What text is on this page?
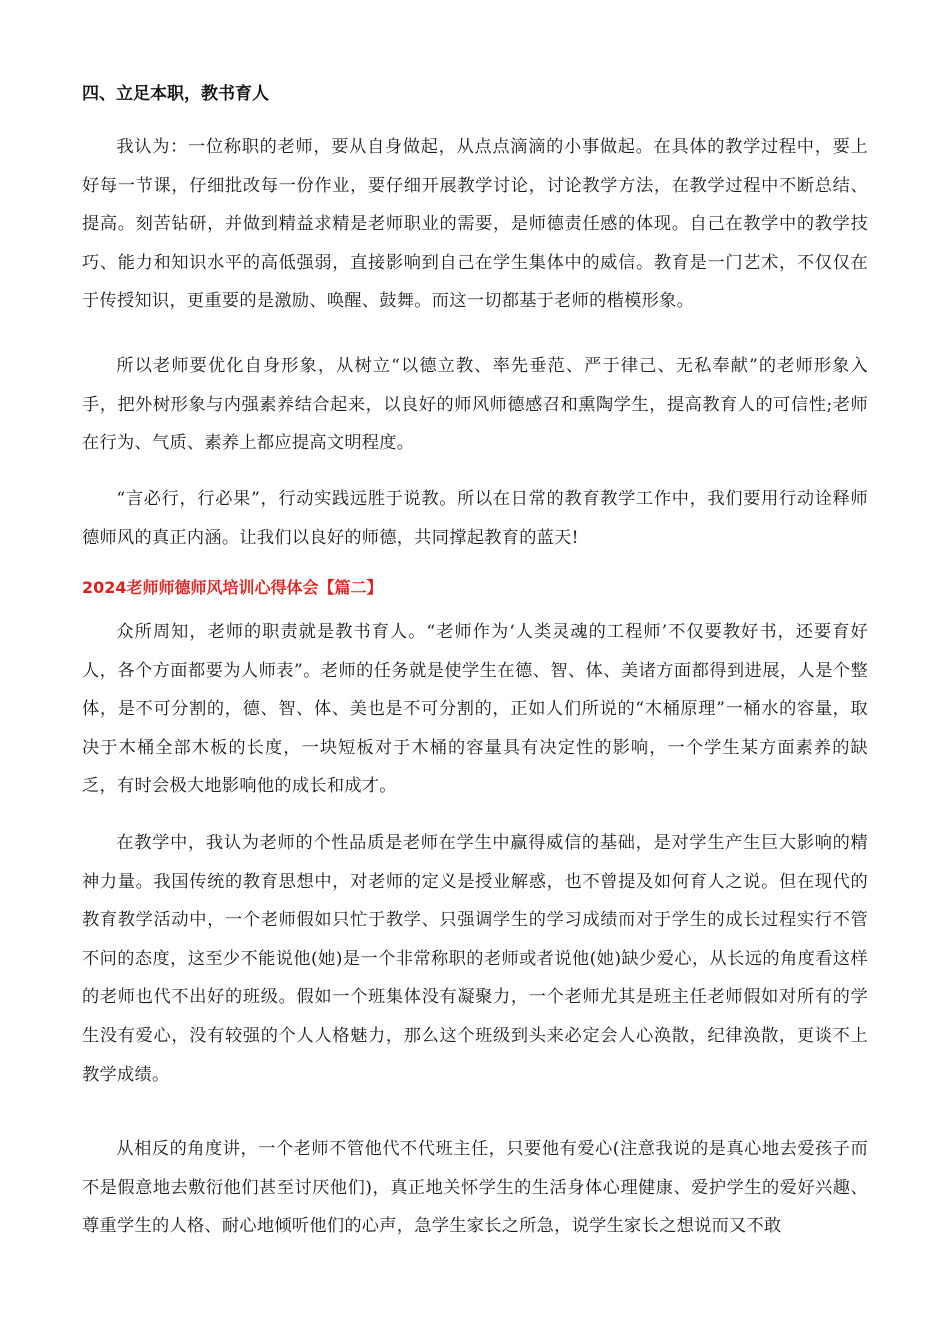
四、立足本职，教书育人

我认为：一位称职的老师，要从自身做起，从点点滴滴的小事做起。在具体的教学过程中，要上好每一节课，仔细批改每一份作业，要仔细开展教学讨论，讨论教学方法，在教学过程中不断总结、提高。刻苦钻研，并做到精益求精是老师职业的需要，是师德责任感的体现。自己在教学中的教学技巧、能力和知识水平的高低强弱，直接影响到自己在学生集体中的威信。教育是一门艺术，不仅仅在于传授知识，更重要的是激励、唤醒、鼓舞。而这一切都基于老师的楷模形象。

所以老师要优化自身形象，从树立“以德立教、率先垂范、严于律己、无私奉献”的老师形象入手，把外树形象与内强素养结合起来，以良好的师风师德感召和熏陶学生，提高教育人的可信性;老师在行为、气质、素养上都应提高文明程度。

“言必行，行必果”，行动实践远胜于说教。所以在日常的教育教学工作中，我们要用行动诠释师德师风的真正内涵。让我们以良好的师德，共同撑起教育的蓝天!

2024老师师德师风培训心得体会【篇二】

众所周知，老师的职责就是教书育人。“老师作为‘人类灵魂的工程师’不仅要教好书，还要育好人，各个方面都要为人师表”。老师的任务就是使学生在德、智、体、美诸方面都得到进展，人是个整体，是不可分割的，德、智、体、美也是不可分割的，正如人们所说的“木桶原理”一桶水的容量，取决于木桶全部木板的长度，一块短板对于木桶的容量具有决定性的影响，一个学生某方面素养的缺乏，有时会极大地影响他的成长和成才。

在教学中，我认为老师的个性品质是老师在学生中赢得威信的基础，是对学生产生巨大影响的精神力量。我国传统的教育思想中，对老师的定义是授业解惑，也不曾提及如何育人之说。但在现代的教育教学活动中，一个老师假如只忙于教学、只强调学生的学习成绩而对于学生的成长过程实行不管不问的态度，这至少不能说他(她)是一个非常称职的老师或者说他(她)缺少爱心，从长远的角度看这样的老师也代不出好的班级。假如一个班集体没有凝聚力，一个老师尤其是班主任老师假如对所有的学生没有爱心，没有较强的个人人格魅力，那么这个班级到头来必定会人心涣散，纪律涣散，更谈不上教学成绩。

从相反的角度讲，一个老师不管他代不代班主任，只要他有爱心(注意我说的是真心地去爱孩子而不是假意地去敷衍他们甚至讨厌他们)，真正地关怀学生的生活身体心理健康、爱护学生的爱好兴趣、尊重学生的人格、耐心地倾听他们的心声，急学生家长之所急，说学生家长之想说而又不敢
